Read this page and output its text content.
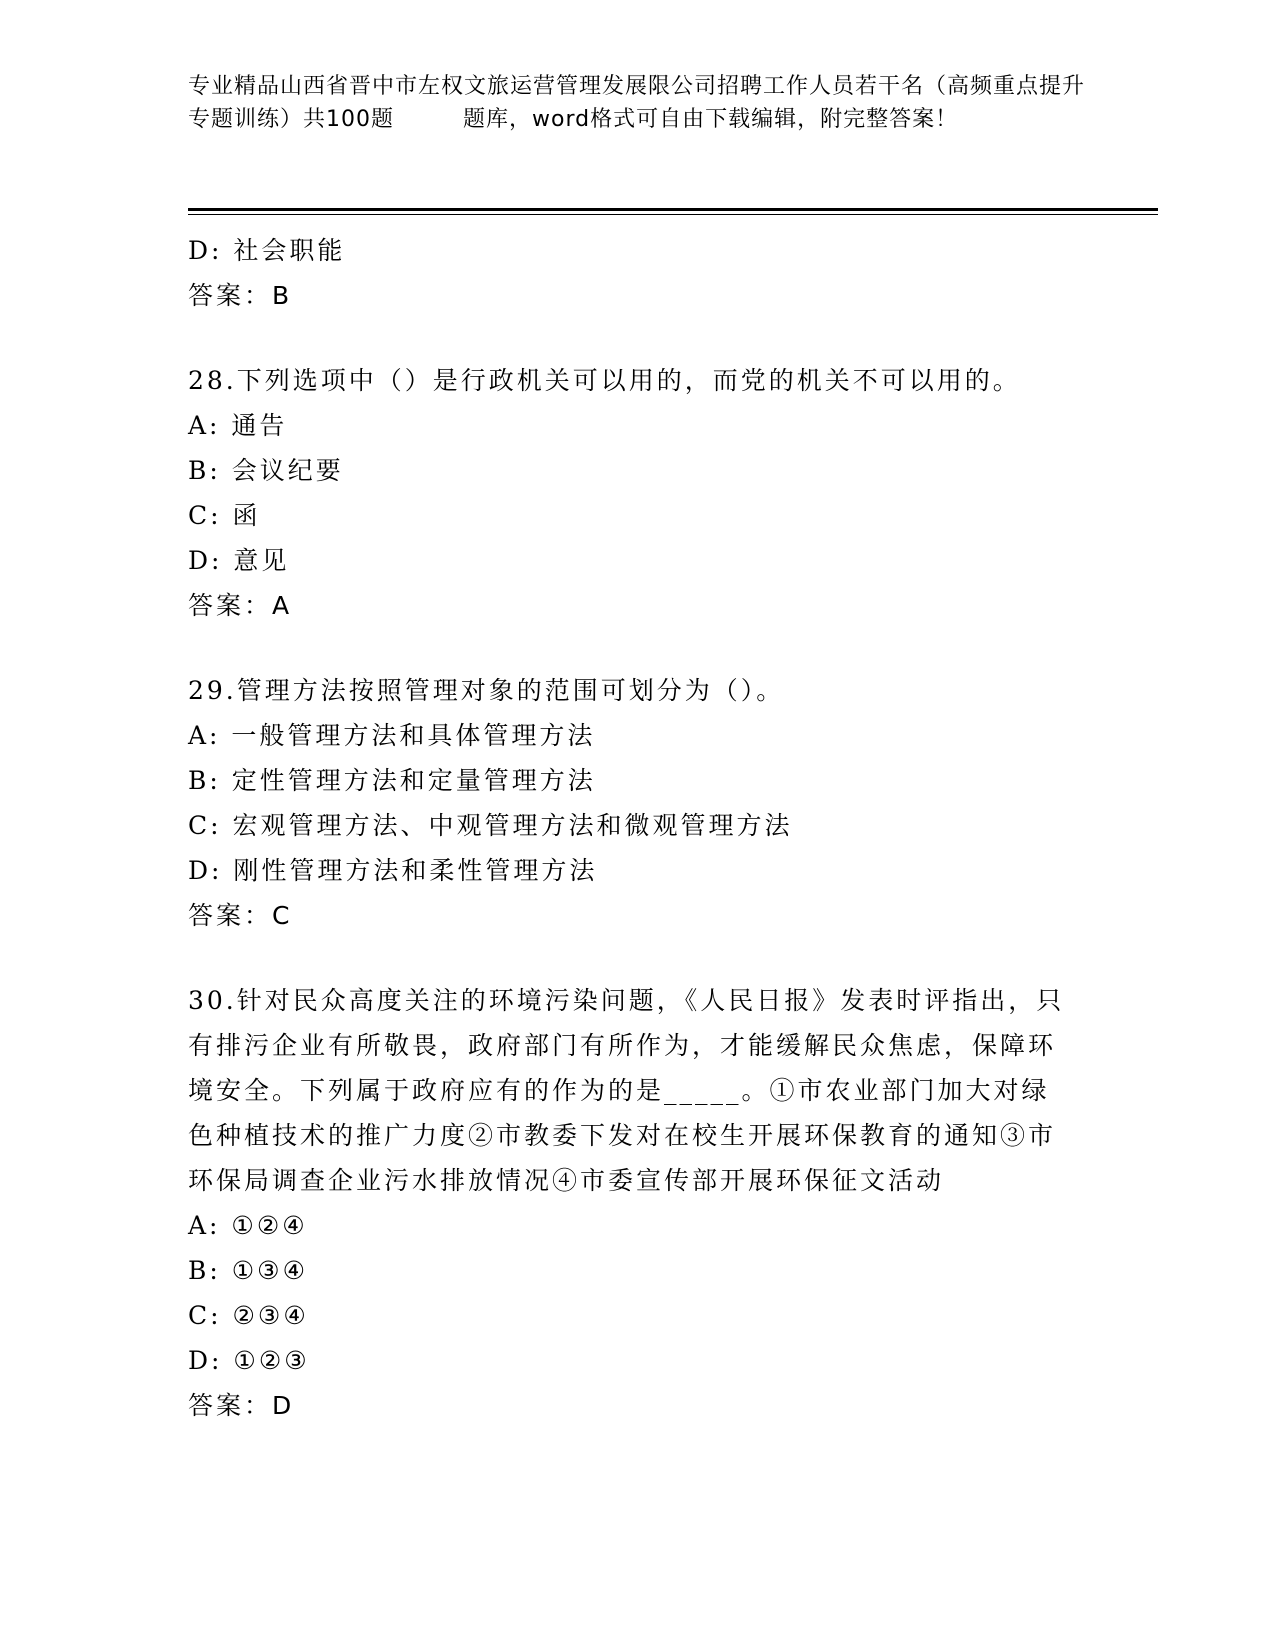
专业精品山西省晋中市左权文旅运营管理发展限公司招聘工作人员若干名（高频重点提升专题训练）共100题　　　题库，word格式可自由下载编辑，附完整答案！
D: 社会职能
答案：B
28.下列选项中（）是行政机关可以用的，而党的机关不可以用的。
A: 通告
B: 会议纪要
C: 函
D: 意见
答案：A
29.管理方法按照管理对象的范围可划分为（）。
A: 一般管理方法和具体管理方法
B: 定性管理方法和定量管理方法
C: 宏观管理方法、中观管理方法和微观管理方法
D: 刚性管理方法和柔性管理方法
答案：C
30.针对民众高度关注的环境污染问题，《人民日报》发表时评指出，只有排污企业有所敬畏，政府部门有所作为，才能缓解民众焦虑，保障环境安全。下列属于政府应有的作为的是_____。①市农业部门加大对绿色种植技术的推广力度②市教委下发对在校生开展环保教育的通知③市环保局调查企业污水排放情况④市委宣传部开展环保征文活动
A: ①②④
B: ①③④
C: ②③④
D: ①②③
答案：D
